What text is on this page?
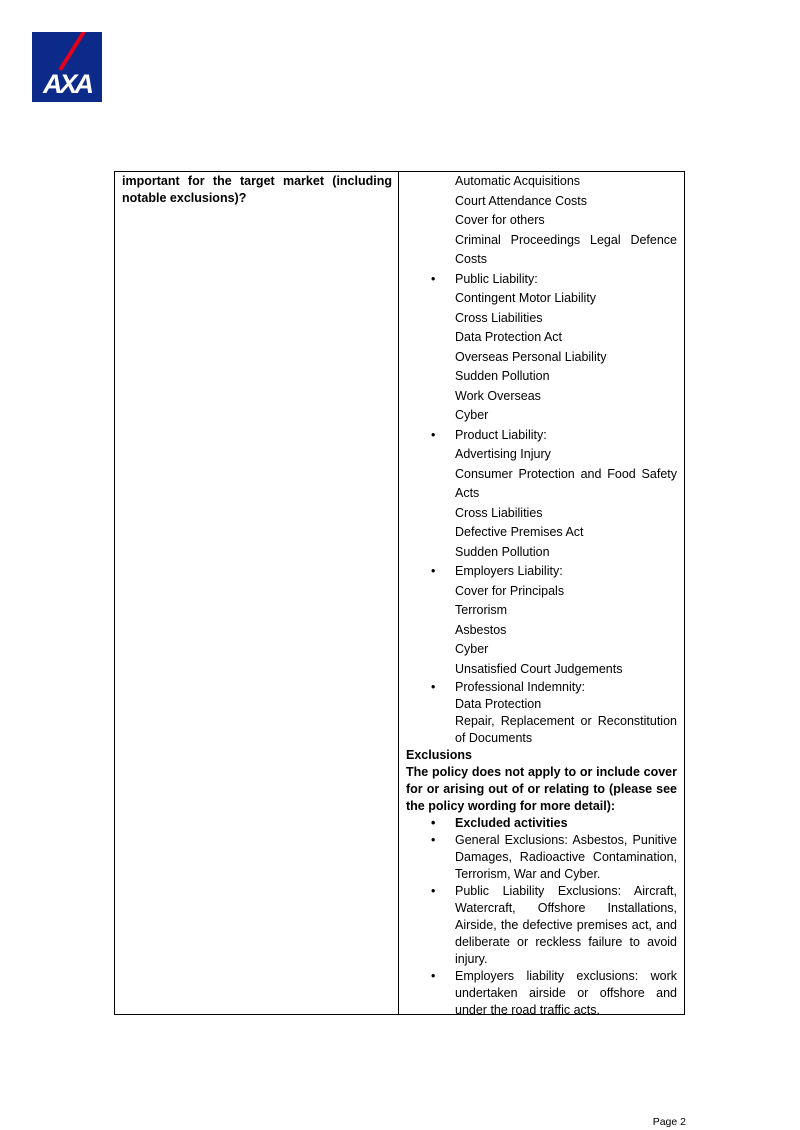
AXA
important for the target market (including notable exclusions)?
Automatic Acquisitions
Court Attendance Costs
Cover for others
Criminal Proceedings Legal Defence Costs
•	Public Liability:
Contingent Motor Liability
Cross Liabilities
Data Protection Act
Overseas Personal Liability
Sudden Pollution
Work Overseas
Cyber
•	Product Liability:
Advertising Injury
Consumer Protection and Food Safety Acts
Cross Liabilities
Defective Premises Act
Sudden Pollution
•	Employers Liability:
Cover for Principals
Terrorism
Asbestos
Cyber
Unsatisfied Court Judgements
•	Professional Indemnity:
Data Protection
Repair, Replacement or Reconstitution of Documents
Exclusions
The policy does not apply to or include cover for or arising out of or relating to (please see the policy wording for more detail):
•	Excluded activities
•	General Exclusions: Asbestos, Punitive Damages, Radioactive Contamination, Terrorism, War and Cyber.
•	Public Liability Exclusions: Aircraft, Watercraft, Offshore Installations, Airside, the defective premises act, and deliberate or reckless failure to avoid injury.
•	Employers liability exclusions: work undertaken airside or offshore and under the road traffic acts.
Page 2
